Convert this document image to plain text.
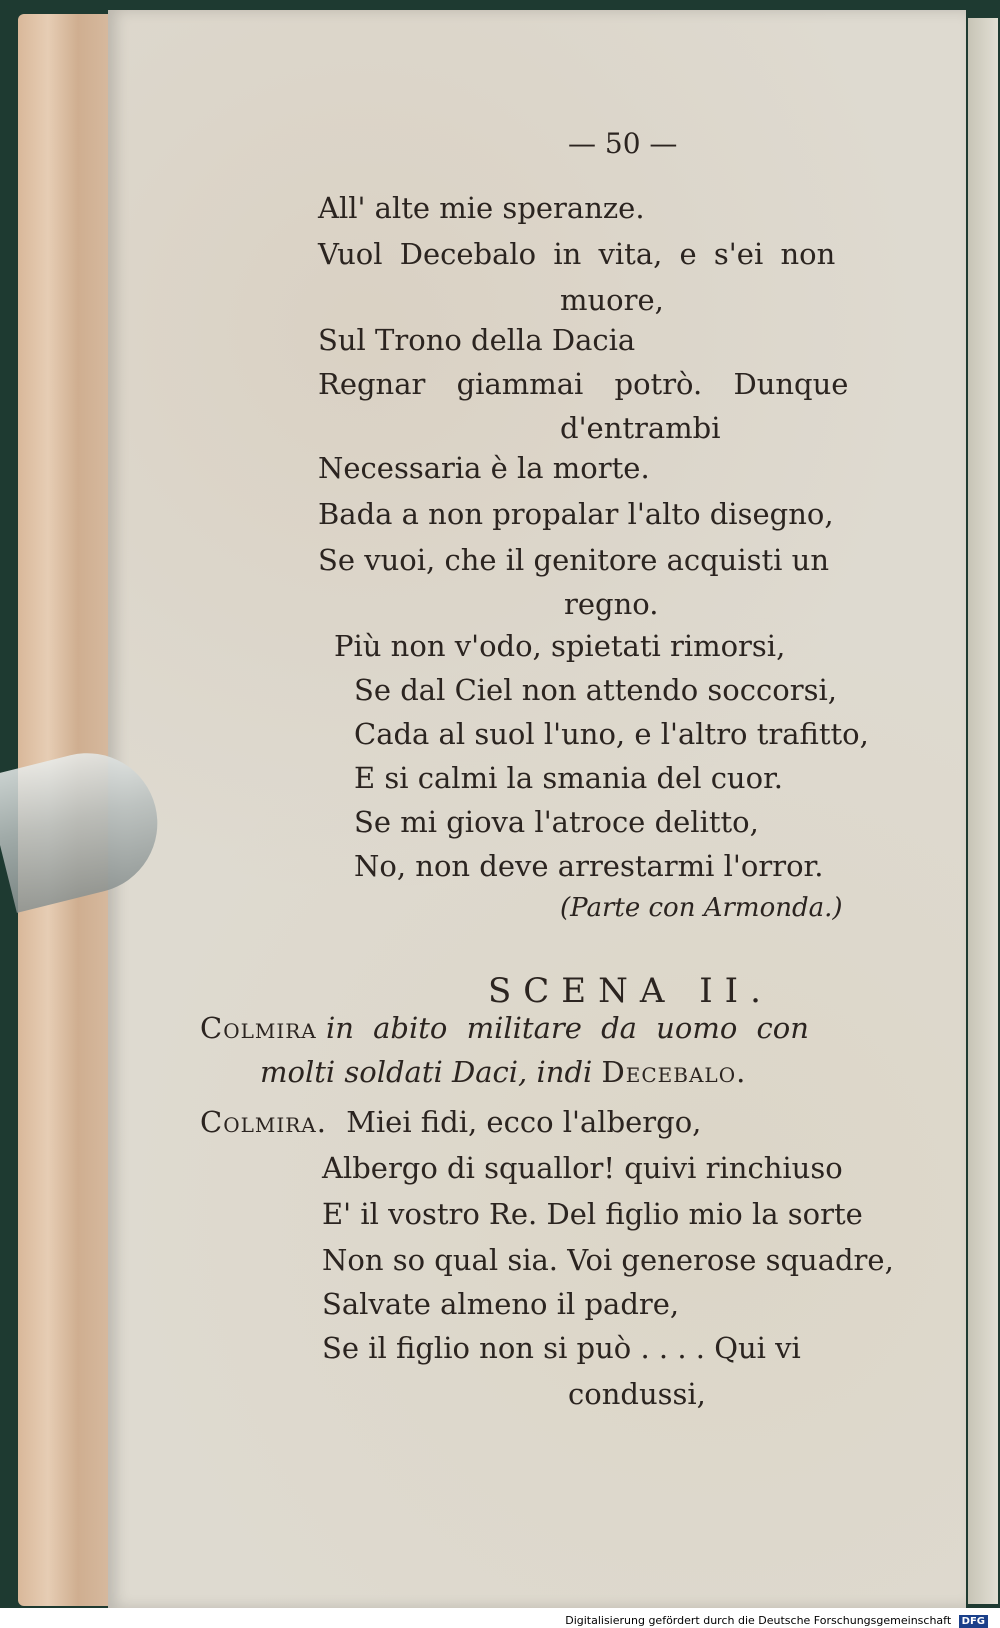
— 50 —
All' alte mie speranze.
Vuol Decebalo in vita, e s'ei non
muore,
Sul Trono della Dacia
Regnar giammai potrò. Dunque
d'entrambi
Necessaria è la morte.
Bada a non propalar l'alto disegno,
Se vuoi, che il genitore acquisti un
regno.
Più non v'odo, spietati rimorsi,
Se dal Ciel non attendo soccorsi,
Cada al suol l'uno, e l'altro trafitto,
E si calmi la smania del cuor.
Se mi giova l'atroce delitto,
No, non deve arrestarmi l'orror.
(Parte con Armonda.)
SCENA II.
Colmira in abito militare da uomo con
molti soldati Daci, indi Decebalo.
Colmira. Miei fidi, ecco l'albergo,
Albergo di squallor! quivi rinchiuso
E' il vostro Re. Del figlio mio la sorte
Non so qual sia. Voi generose squadre,
Salvate almeno il padre,
Se il figlio non si può . . . . Qui vi
condussi,
Digitalisierung gefördert durch die Deutsche Forschungsgemeinschaft DFG
